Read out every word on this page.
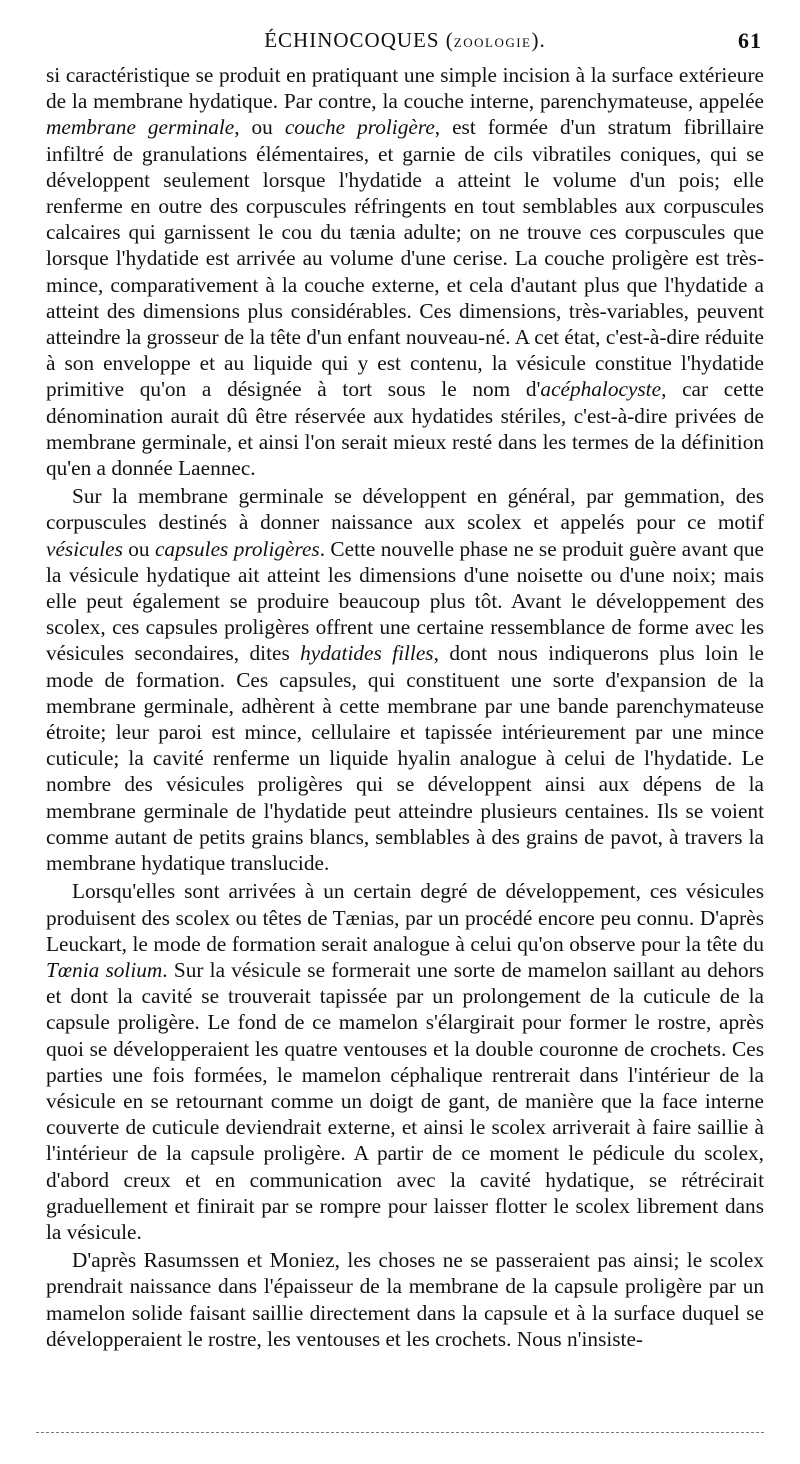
ÉCHINOCOQUES (ZOOLOGIE).	61

si caractéristique se produit en pratiquant une simple incision à la surface extérieure de la membrane hydatique. Par contre, la couche interne, parenchymateuse, appelée membrane germinale, ou couche proligère, est formée d'un stratum fibrillaire infiltré de granulations élémentaires, et garnie de cils vibratiles coniques, qui se développent seulement lorsque l'hydatide a atteint le volume d'un pois; elle renferme en outre des corpuscules réfringents en tout semblables aux corpuscules calcaires qui garnissent le cou du tænia adulte; on ne trouve ces corpuscules que lorsque l'hydatide est arrivée au volume d'une cerise. La couche proligère est très-mince, comparativement à la couche externe, et cela d'autant plus que l'hydatide a atteint des dimensions plus considérables. Ces dimensions, très-variables, peuvent atteindre la grosseur de la tête d'un enfant nouveau-né. A cet état, c'est-à-dire réduite à son enveloppe et au liquide qui y est contenu, la vésicule constitue l'hydatide primitive qu'on a désignée à tort sous le nom d'acéphalocyste, car cette dénomination aurait dû être réservée aux hydatides stériles, c'est-à-dire privées de membrane germinale, et ainsi l'on serait mieux resté dans les termes de la définition qu'en a donnée Laennec.

Sur la membrane germinale se développent en général, par gemmation, des corpuscules destinés à donner naissance aux scolex et appelés pour ce motif vésicules ou capsules proligères. Cette nouvelle phase ne se produit guère avant que la vésicule hydatique ait atteint les dimensions d'une noisette ou d'une noix; mais elle peut également se produire beaucoup plus tôt. Avant le développement des scolex, ces capsules proligères offrent une certaine ressemblance de forme avec les vésicules secondaires, dites hydatides filles, dont nous indiquerons plus loin le mode de formation. Ces capsules, qui constituent une sorte d'expansion de la membrane germinale, adhèrent à cette membrane par une bande parenchymateuse étroite; leur paroi est mince, cellulaire et tapissée intérieurement par une mince cuticule; la cavité renferme un liquide hyalin analogue à celui de l'hydatide. Le nombre des vésicules proligères qui se développent ainsi aux dépens de la membrane germinale de l'hydatide peut atteindre plusieurs centaines. Ils se voient comme autant de petits grains blancs, semblables à des grains de pavot, à travers la membrane hydatique translucide.

Lorsqu'elles sont arrivées à un certain degré de développement, ces vésicules produisent des scolex ou têtes de Tænias, par un procédé encore peu connu. D'après Leuckart, le mode de formation serait analogue à celui qu'on observe pour la tête du Tœnia solium. Sur la vésicule se formerait une sorte de mamelon saillant au dehors et dont la cavité se trouverait tapissée par un prolongement de la cuticule de la capsule proligère. Le fond de ce mamelon s'élargirait pour former le rostre, après quoi se développeraient les quatre ventouses et la double couronne de crochets. Ces parties une fois formées, le mamelon céphalique rentrerait dans l'intérieur de la vésicule en se retournant comme un doigt de gant, de manière que la face interne couverte de cuticule deviendrait externe, et ainsi le scolex arriverait à faire saillie à l'intérieur de la capsule proligère. A partir de ce moment le pédicule du scolex, d'abord creux et en communication avec la cavité hydatique, se rétrécirait graduellement et finirait par se rompre pour laisser flotter le scolex librement dans la vésicule.

D'après Rasumssen et Moniez, les choses ne se passeraient pas ainsi; le scolex prendrait naissance dans l'épaisseur de la membrane de la capsule proligère par un mamelon solide faisant saillie directement dans la capsule et à la surface duquel se développeraient le rostre, les ventouses et les crochets. Nous n'insiste-
